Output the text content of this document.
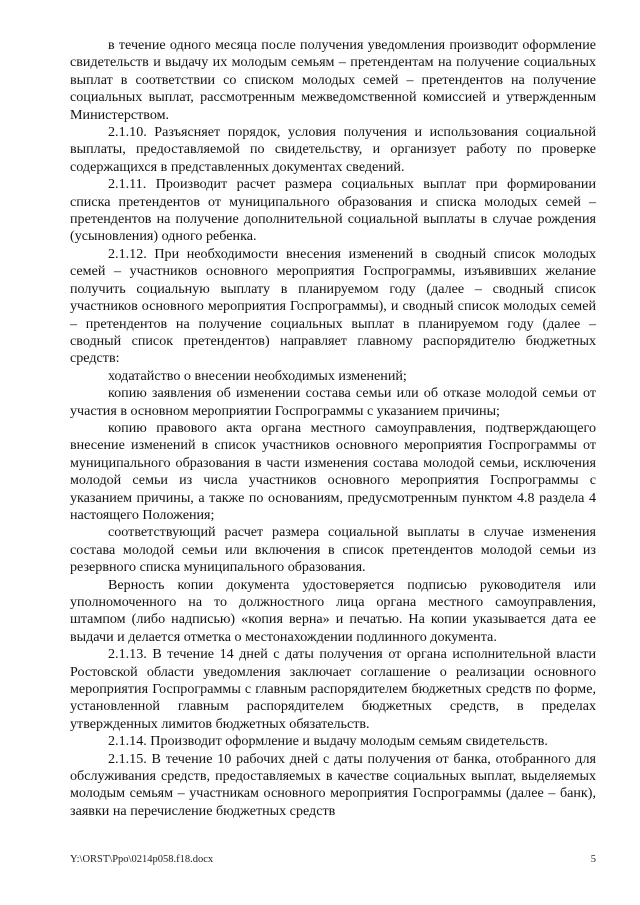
в течение одного месяца после получения уведомления производит оформление свидетельств и выдачу их молодым семьям – претендентам на получение социальных выплат в соответствии со списком молодых семей – претендентов на получение социальных выплат, рассмотренным межведомственной комиссией и утвержденным Министерством.

2.1.10. Разъясняет порядок, условия получения и использования социальной выплаты, предоставляемой по свидетельству, и организует работу по проверке содержащихся в представленных документах сведений.

2.1.11. Производит расчет размера социальных выплат при формировании списка претендентов от муниципального образования и списка молодых семей – претендентов на получение дополнительной социальной выплаты в случае рождения (усыновления) одного ребенка.

2.1.12. При необходимости внесения изменений в сводный список молодых семей – участников основного мероприятия Госпрограммы, изъявивших желание получить социальную выплату в планируемом году (далее – сводный список участников основного мероприятия Госпрограммы), и сводный список молодых семей – претендентов на получение социальных выплат в планируемом году (далее – сводный список претендентов) направляет главному распорядителю бюджетных средств:

ходатайство о внесении необходимых изменений;

копию заявления об изменении состава семьи или об отказе молодой семьи от участия в основном мероприятии Госпрограммы с указанием причины;

копию правового акта органа местного самоуправления, подтверждающего внесение изменений в список участников основного мероприятия Госпрограммы от муниципального образования в части изменения состава молодой семьи, исключения молодой семьи из числа участников основного мероприятия Госпрограммы с указанием причины, а также по основаниям, предусмотренным пунктом 4.8 раздела 4 настоящего Положения;

соответствующий расчет размера социальной выплаты в случае изменения состава молодой семьи или включения в список претендентов молодой семьи из резервного списка муниципального образования.

Верность копии документа удостоверяется подписью руководителя или уполномоченного на то должностного лица органа местного самоуправления, штампом (либо надписью) «копия верна» и печатью. На копии указывается дата ее выдачи и делается отметка о местонахождении подлинного документа.

2.1.13. В течение 14 дней с даты получения от органа исполнительной власти Ростовской области уведомления заключает соглашение о реализации основного мероприятия Госпрограммы с главным распорядителем бюджетных средств по форме, установленной главным распорядителем бюджетных средств, в пределах утвержденных лимитов бюджетных обязательств.

2.1.14. Производит оформление и выдачу молодым семьям свидетельств.

2.1.15. В течение 10 рабочих дней с даты получения от банка, отобранного для обслуживания средств, предоставляемых в качестве социальных выплат, выделяемых молодым семьям – участникам основного мероприятия Госпрограммы (далее – банк), заявки на перечисление бюджетных средств

Y:\ORST\Ppo\0214p058.f18.docx	5
